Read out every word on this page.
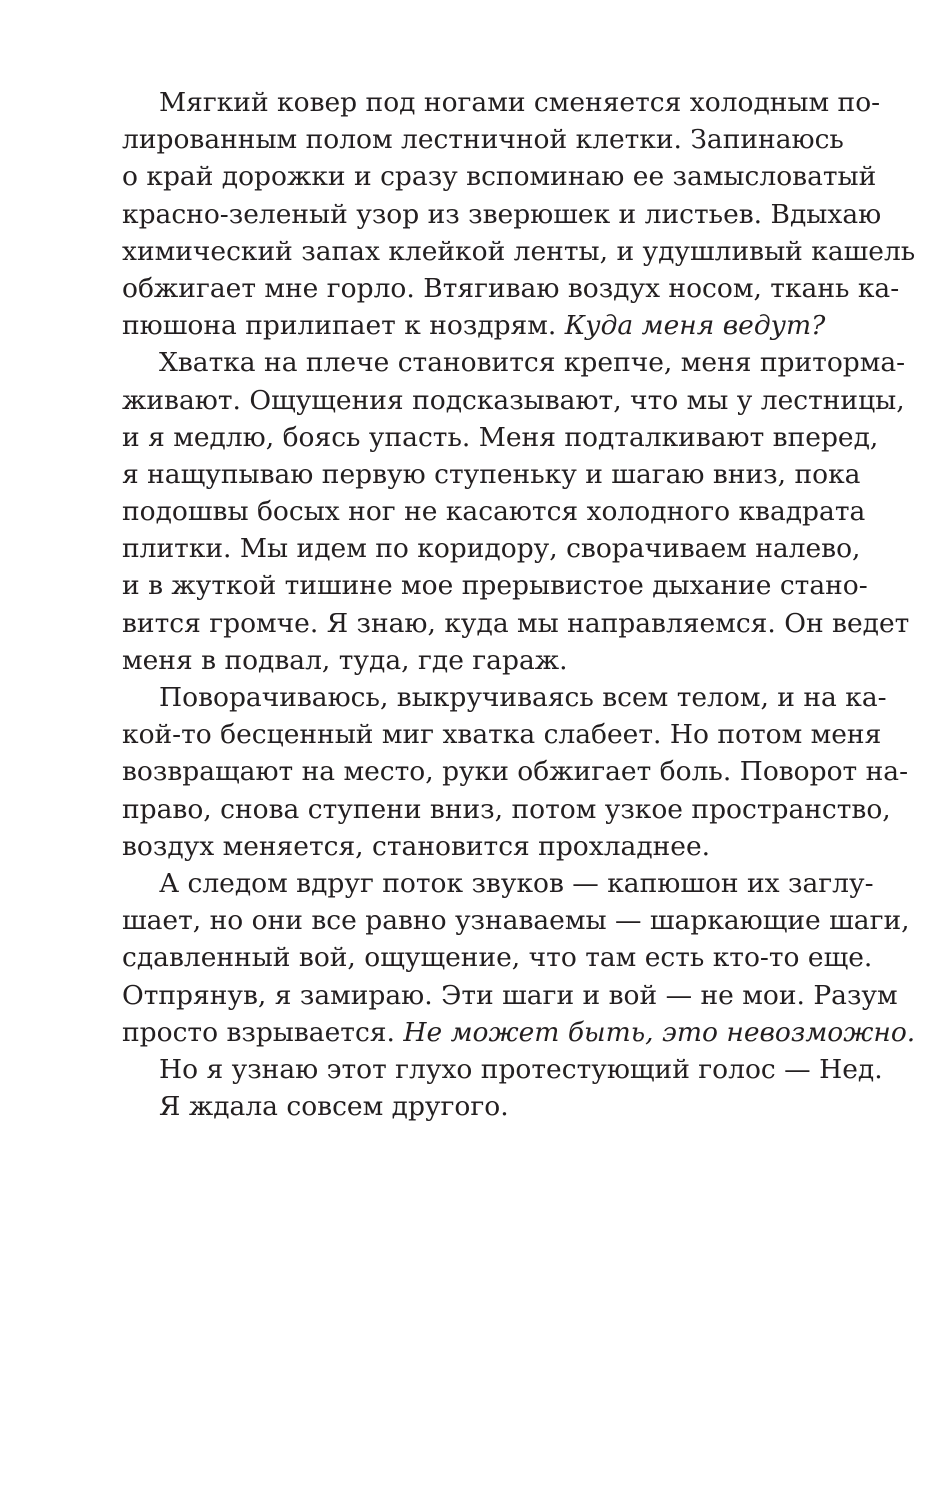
Мягкий ковер под ногами сменяется холодным по-
лированным полом лестничной клетки. Запинаюсь
о край дорожки и сразу вспоминаю ее замысловатый
красно-зеленый узор из зверюшек и листьев. Вдыхаю
химический запах клейкой ленты, и удушливый кашель
обжигает мне горло. Втягиваю воздух носом, ткань ка-
пюшона прилипает к ноздрям. Куда меня ведут?
Хватка на плече становится крепче, меня приторма-
живают. Ощущения подсказывают, что мы у лестницы,
и я медлю, боясь упасть. Меня подталкивают вперед,
я нащупываю первую ступеньку и шагаю вниз, пока
подошвы босых ног не касаются холодного квадрата
плитки. Мы идем по коридору, сворачиваем налево,
и в жуткой тишине мое прерывистое дыхание стано-
вится громче. Я знаю, куда мы направляемся. Он ведет
меня в подвал, туда, где гараж.
Поворачиваюсь, выкручиваясь всем телом, и на ка-
кой-то бесценный миг хватка слабеет. Но потом меня
возвращают на место, руки обжигает боль. Поворот на-
право, снова ступени вниз, потом узкое пространство,
воздух меняется, становится прохладнее.
А следом вдруг поток звуков — капюшон их заглу-
шает, но они все равно узнаваемы — шаркающие шаги,
сдавленный вой, ощущение, что там есть кто-то еще.
Отпрянув, я замираю. Эти шаги и вой — не мои. Разум
просто взрывается. Не может быть, это невозможно.
Но я узнаю этот глухо протестующий голос — Нед.
Я ждала совсем другого.
